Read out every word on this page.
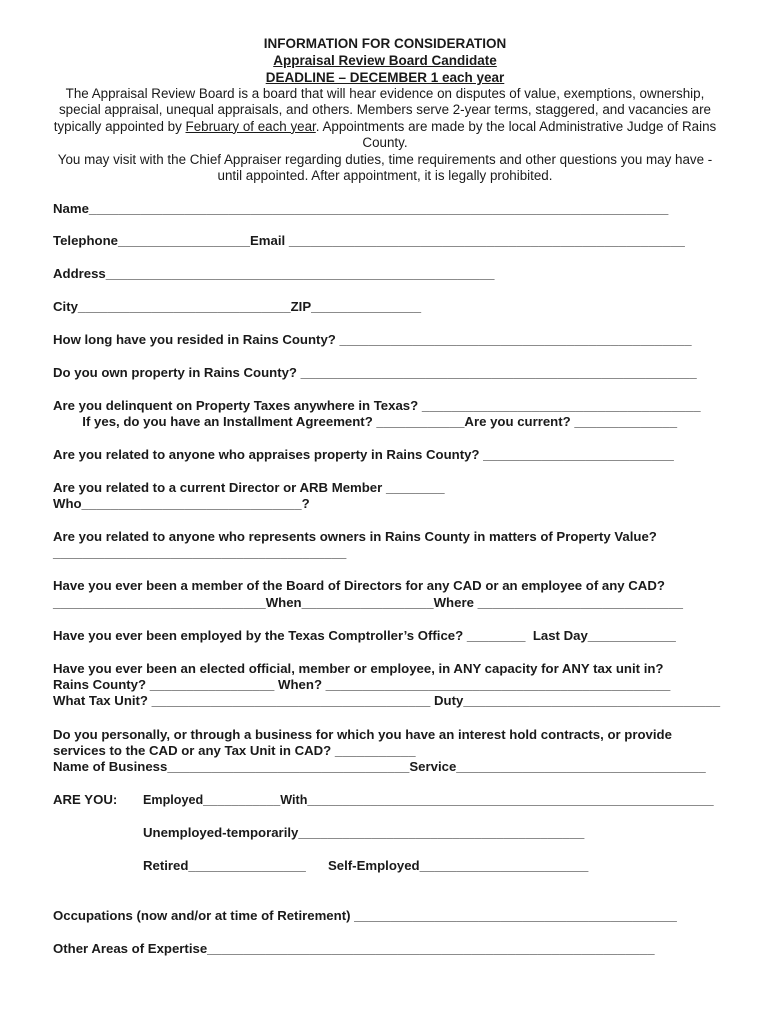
INFORMATION FOR CONSIDERATION
Appraisal Review Board Candidate
DEADLINE – DECEMBER 1 each year
The Appraisal Review Board is a board that will hear evidence on disputes of value, exemptions, ownership, special appraisal, unequal appraisals, and others. Members serve 2-year terms, staggered, and vacancies are typically appointed by February of each year. Appointments are made by the local Administrative Judge of Rains County.
You may visit with the Chief Appraiser regarding duties, time requirements and other questions you may have - until appointed. After appointment, it is legally prohibited.
Name_______________________________________________________________________________
Telephone__________________Email ______________________________________________________
Address_____________________________________________________
City_____________________________ZIP_______________
How long have you resided in Rains County? ________________________________________________
Do you own property in Rains County? ______________________________________________________
Are you delinquent on Property Taxes anywhere in Texas? ______________________________________
If yes, do you have an Installment Agreement? ____________Are you current? ______________
Are you related to anyone who appraises property in Rains County? __________________________
Are you related to a current Director or ARB Member ________
Who______________________________?
Are you related to anyone who represents owners in Rains County in matters of Property Value?
________________________________________
Have you ever been a member of the Board of Directors for any CAD or an employee of any CAD?
_____________________________When__________________Where ____________________________
Have you ever been employed by the Texas Comptroller’s Office? ________  Last Day____________
Have you ever been an elected official, member or employee, in ANY capacity for ANY tax unit in?
Rains County? _________________ When? _______________________________________________
What Tax Unit? ______________________________________ Duty___________________________________
Do you personally, or through a business for which you have an interest hold contracts, or provide
services to the CAD or any Tax Unit in CAD? ___________
Name of Business_________________________________Service__________________________________
ARE YOU: Employed___________With__________________________________________________________
Unemployed-temporarily_______________________________________
Retired________________ Self-Employed_______________________
Occupations (now and/or at time of Retirement) ____________________________________________
Other Areas of Expertise_____________________________________________________________
